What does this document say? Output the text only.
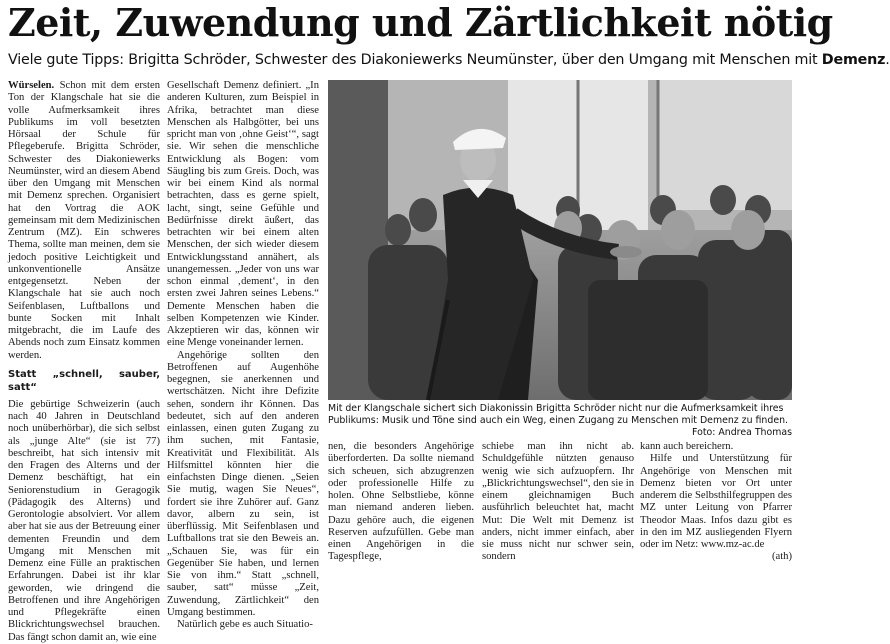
Zeit, Zuwendung und Zärtlichkeit nötig
Viele gute Tipps: Brigitta Schröder, Schwester des Diakoniewerks Neumünster, über den Umgang mit Menschen mit Demenz.

Würselen. Schon mit dem ersten Ton der Klangschale hat sie die volle Aufmerksamkeit ihres Publikums im voll besetzten Hörsaal der Schule für Pflegeberufe. Brigitta Schröder, Schwester des Diakoniewerks Neumünster, wird an diesem Abend über den Umgang mit Menschen mit Demenz sprechen. Organisiert hat den Vortrag die AOK gemeinsam mit dem Medizinischen Zentrum (MZ). Ein schweres Thema, sollte man meinen, dem sie jedoch positive Leichtigkeit und unkonventionelle Ansätze entgegensetzt. Neben der Klangschale hat sie auch noch Seifenblasen, Luftballons und bunte Socken mit Inhalt mitgebracht, die im Laufe des Abends noch zum Einsatz kommen werden.

Statt „schnell, sauber, satt“

Die gebürtige Schweizerin (auch nach 40 Jahren in Deutschland noch unüberhörbar), die sich selbst als „junge Alte“ (sie ist 77) beschreibt, hat sich intensiv mit den Fragen des Alterns und der Demenz beschäftigt, hat ein Seniorenstudium in Geragogik (Pädagogik des Alterns) und Gerontologie absolviert. Vor allem aber hat sie aus der Betreuung einer dementen Freundin und dem Umgang mit Menschen mit Demenz eine Fülle an praktischen Erfahrungen. Dabei ist ihr klar geworden, wie dringend die Betroffenen und ihre Angehörigen und Pflegekräfte einen Blickrichtungswechsel brauchen. Das fängt schon damit an, wie eine

Gesellschaft Demenz definiert. „In anderen Kulturen, zum Beispiel in Afrika, betrachtet man diese Menschen als Halbgötter, bei uns spricht man von ‚ohne Geist‘“, sagt sie. Wir sehen die menschliche Entwicklung als Bogen: vom Säugling bis zum Greis. Doch, was wir bei einem Kind als normal betrachten, dass es gerne spielt, lacht, singt, seine Gefühle und Bedürfnisse direkt äußert, das betrachten wir bei einem alten Menschen, der sich wieder diesem Entwicklungsstand annähert, als unangemessen. „Jeder von uns war schon einmal ‚dement‘, in den ersten zwei Jahren seines Lebens.“ Demente Menschen haben die selben Kompetenzen wie Kinder. Akzeptieren wir das, können wir eine Menge voneinander lernen.

Angehörige sollten den Betroffenen auf Augenhöhe begegnen, sie anerkennen und wertschätzen. Nicht ihre Defizite sehen, sondern ihr Können. Das bedeutet, sich auf den anderen einlassen, einen guten Zugang zu ihm suchen, mit Fantasie, Kreativität und Flexibilität. Als Hilfsmittel könnten hier die einfachsten Dinge dienen. „Seien Sie mutig, wagen Sie Neues“, fordert sie ihre Zuhörer auf. Ganz davor, albern zu sein, ist überflüssig. Mit Seifenblasen und Luftballons trat sie den Beweis an. „Schauen Sie, was für ein Gegenüber Sie haben, und lernen Sie von ihm.“ Statt „schnell, sauber, satt“ müsse „Zeit, Zuwendung, Zärtlichkeit“ den Umgang bestimmen.

Natürlich gebe es auch Situatio-

Mit der Klangschale sichert sich Diakonissin Brigitta Schröder nicht nur die Aufmerksamkeit ihres Publikums: Musik und Töne sind auch ein Weg, einen Zugang zu Menschen mit Demenz zu finden.
Foto: Andrea Thomas

nen, die besonders Angehörige überforderten. Da sollte niemand sich scheuen, sich abzugrenzen oder professionelle Hilfe zu holen. Ohne Selbstliebe, könne man niemand anderen lieben. Dazu gehöre auch, die eigenen Reserven aufzufüllen. Gebe man einen Angehörigen in die Tagespflege,

schiebe man ihn nicht ab. Schuldgefühle nützten genauso wenig wie sich aufzuopfern. Ihr „Blickrichtungswechsel“, den sie in einem gleichnamigen Buch ausführlich beleuchtet hat, macht Mut: Die Welt mit Demenz ist anders, nicht immer einfach, aber sie muss nicht nur schwer sein, sondern

kann auch bereichern.

Hilfe und Unterstützung für Angehörige von Menschen mit Demenz bieten vor Ort unter anderem die Selbsthilfegruppen des MZ unter Leitung von Pfarrer Theodor Maas. Infos dazu gibt es in den im MZ ausliegenden Flyern oder im Netz: www.mz-ac.de
(ath)
